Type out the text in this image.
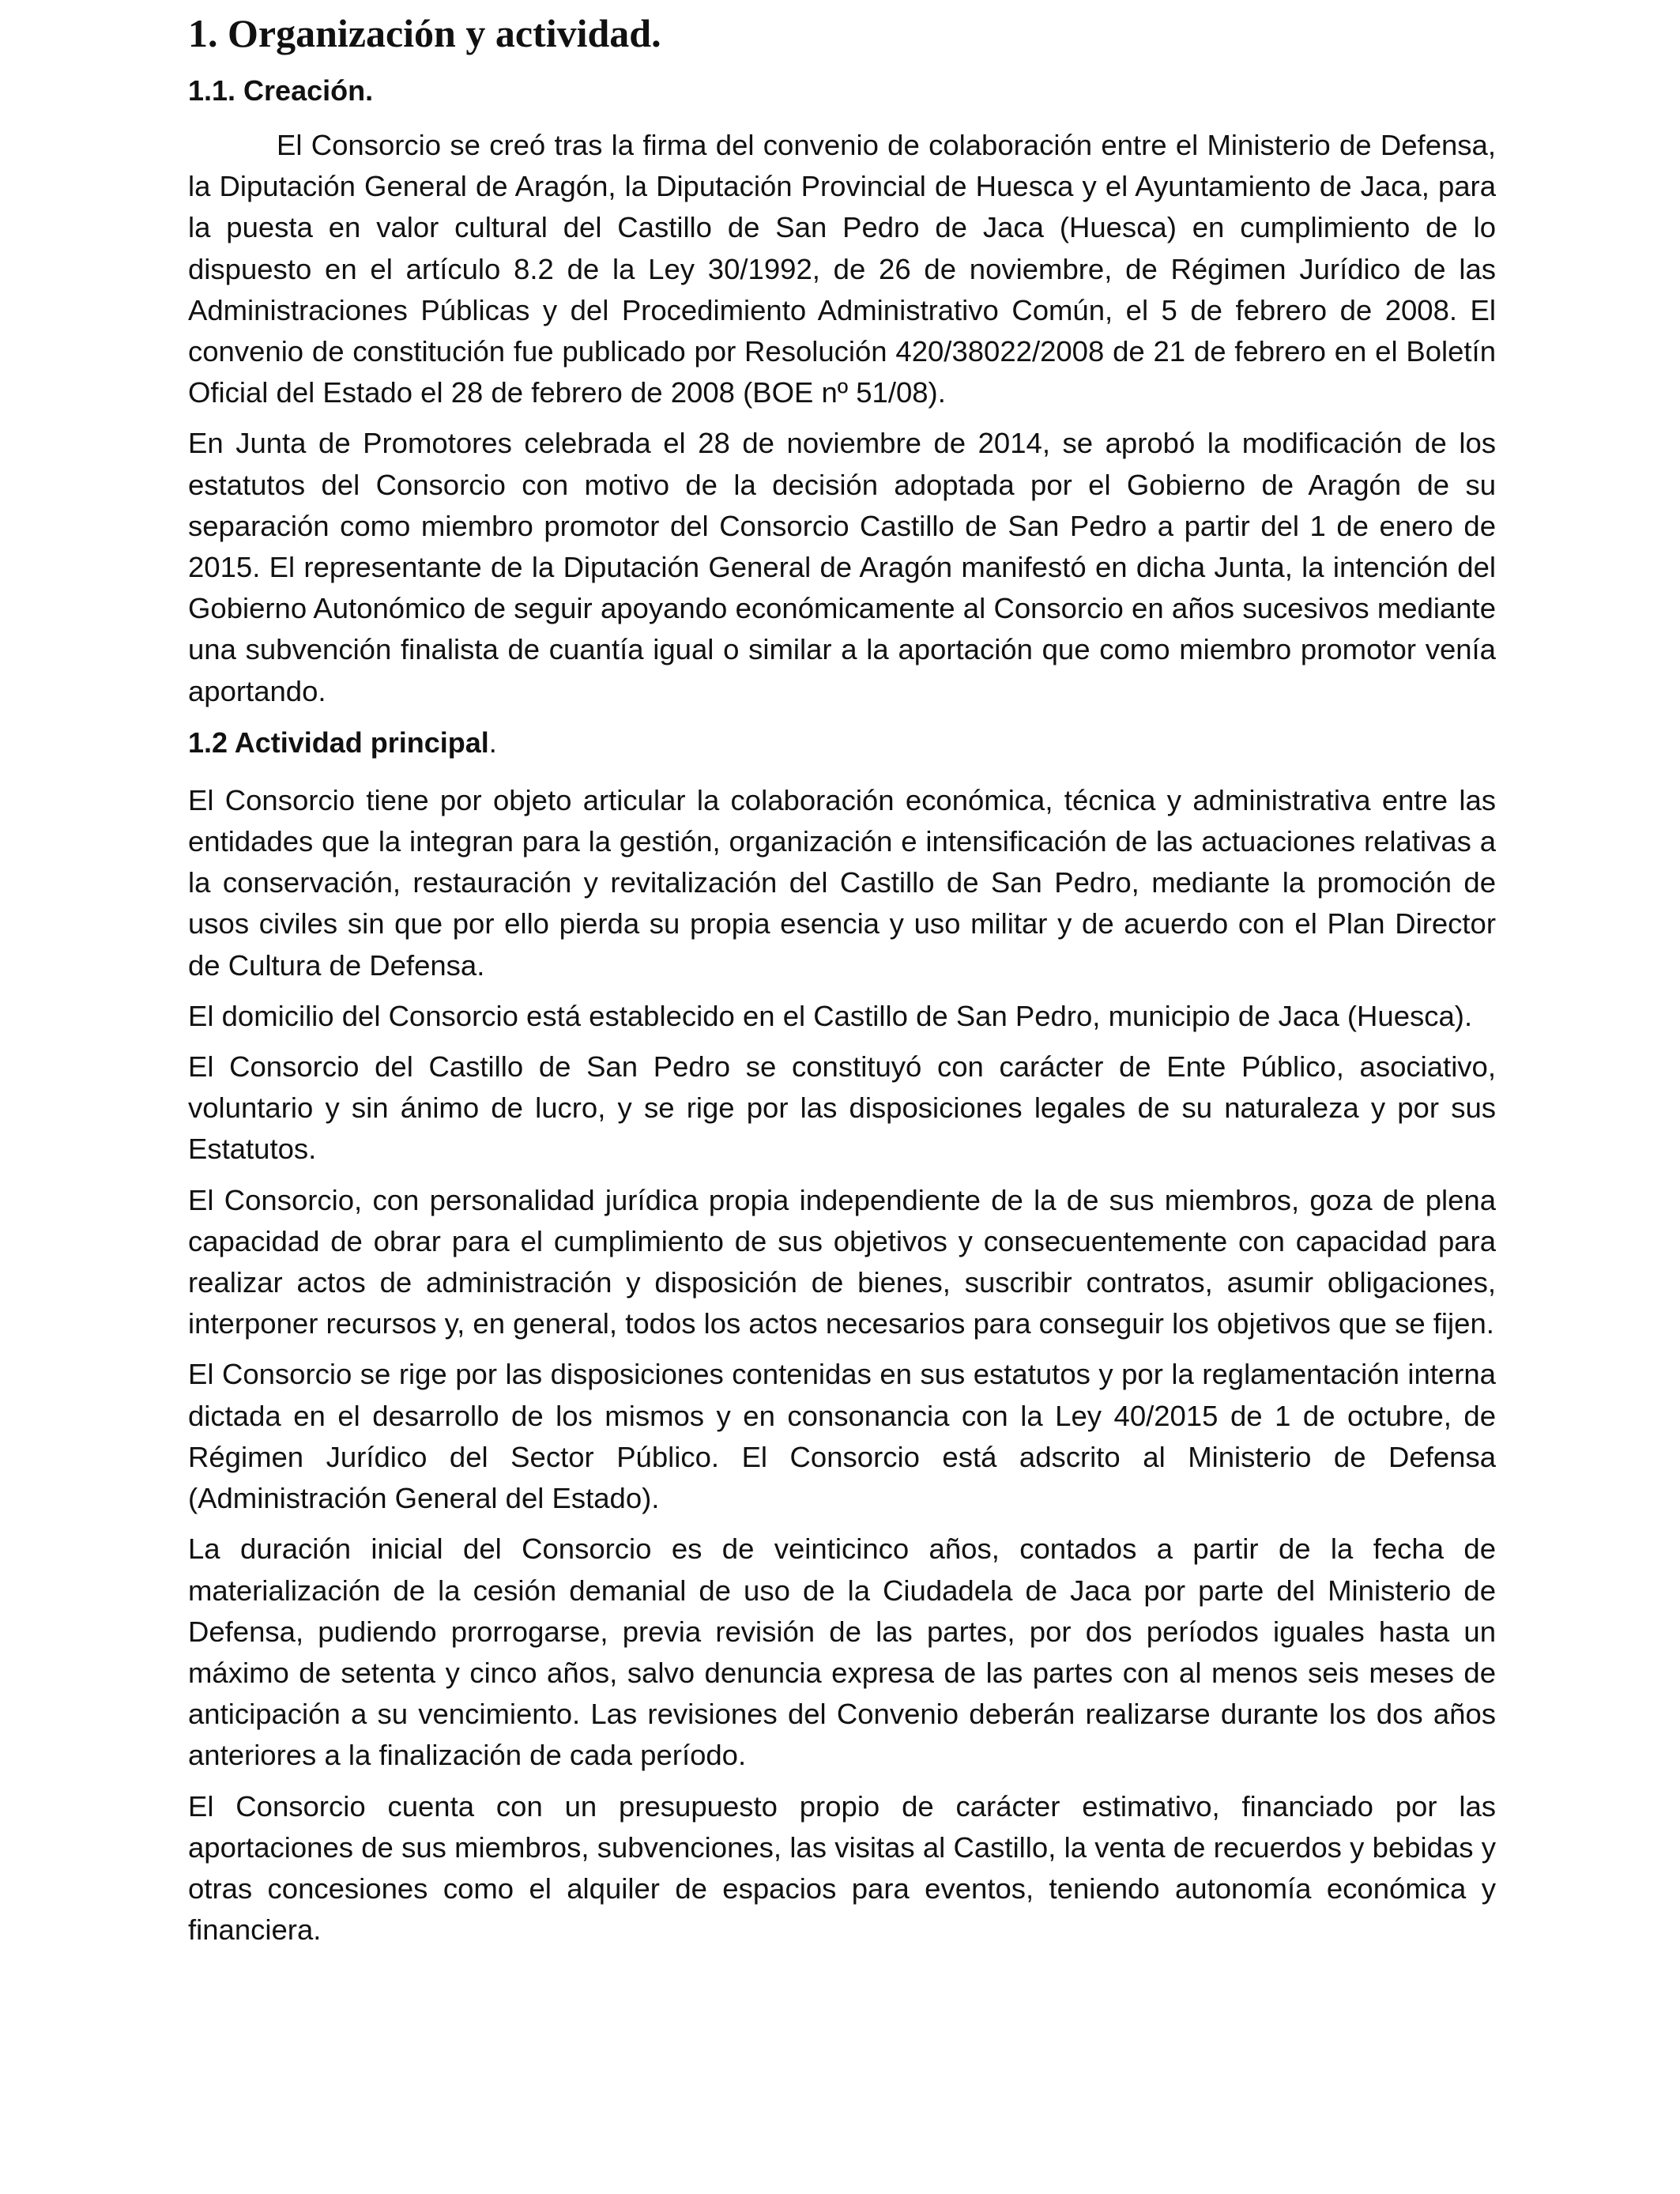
1. Organización y actividad.
1.1. Creación.

El Consorcio se creó tras la firma del convenio de colaboración entre el Ministerio de Defensa, la Diputación General de Aragón, la Diputación Provincial de Huesca y el Ayuntamiento de Jaca, para la puesta en valor cultural del Castillo de San Pedro de Jaca (Huesca) en cumplimiento de lo dispuesto en el artículo 8.2 de la Ley 30/1992, de 26 de noviembre, de Régimen Jurídico de las Administraciones Públicas y del Procedimiento Administrativo Común, el 5 de febrero de 2008. El convenio de constitución fue publicado por Resolución 420/38022/2008 de 21 de febrero en el Boletín Oficial del Estado el 28 de febrero de 2008 (BOE nº 51/08).

En Junta de Promotores celebrada el 28 de noviembre de 2014, se aprobó la modificación de los estatutos del Consorcio con motivo de la decisión adoptada por el Gobierno de Aragón de su separación como miembro promotor del Consorcio Castillo de San Pedro a partir del 1 de enero de 2015. El representante de la Diputación General de Aragón manifestó en dicha Junta, la intención del Gobierno Autonómico de seguir apoyando económicamente al Consorcio en años sucesivos mediante una subvención finalista de cuantía igual o similar a la aportación que como miembro promotor venía aportando.

1.2 Actividad principal.

El Consorcio tiene por objeto articular la colaboración económica, técnica y administrativa entre las entidades que la integran para la gestión, organización e intensificación de las actuaciones relativas a la conservación, restauración y revitalización del Castillo de San Pedro, mediante la promoción de usos civiles sin que por ello pierda su propia esencia y uso militar y de acuerdo con el Plan Director de Cultura de Defensa.

El domicilio del Consorcio está establecido en el Castillo de San Pedro, municipio de Jaca (Huesca).

El Consorcio del Castillo de San Pedro se constituyó con carácter de Ente Público, asociativo, voluntario y sin ánimo de lucro, y se rige por las disposiciones legales de su naturaleza y por sus Estatutos.

El Consorcio, con personalidad jurídica propia independiente de la de sus miembros, goza de plena capacidad de obrar para el cumplimiento de sus objetivos y consecuentemente con capacidad para realizar actos de administración y disposición de bienes, suscribir contratos, asumir obligaciones, interponer recursos y, en general, todos los actos necesarios para conseguir los objetivos que se fijen.

El Consorcio se rige por las disposiciones contenidas en sus estatutos y por la reglamentación interna dictada en el desarrollo de los mismos y en consonancia con la Ley 40/2015 de 1 de octubre, de Régimen Jurídico del Sector Público. El Consorcio está adscrito al Ministerio de Defensa (Administración General del Estado).

La duración inicial del Consorcio es de veinticinco años, contados a partir de la fecha de materialización de la cesión demanial de uso de la Ciudadela de Jaca por parte del Ministerio de Defensa, pudiendo prorrogarse, previa revisión de las partes, por dos períodos iguales hasta un máximo de setenta y cinco años, salvo denuncia expresa de las partes con al menos seis meses de anticipación a su vencimiento. Las revisiones del Convenio deberán realizarse durante los dos años anteriores a la finalización de cada período.

El Consorcio cuenta con un presupuesto propio de carácter estimativo, financiado por las aportaciones de sus miembros, subvenciones, las visitas al Castillo, la venta de recuerdos y bebidas y otras concesiones como el alquiler de espacios para eventos, teniendo autonomía económica y financiera.
